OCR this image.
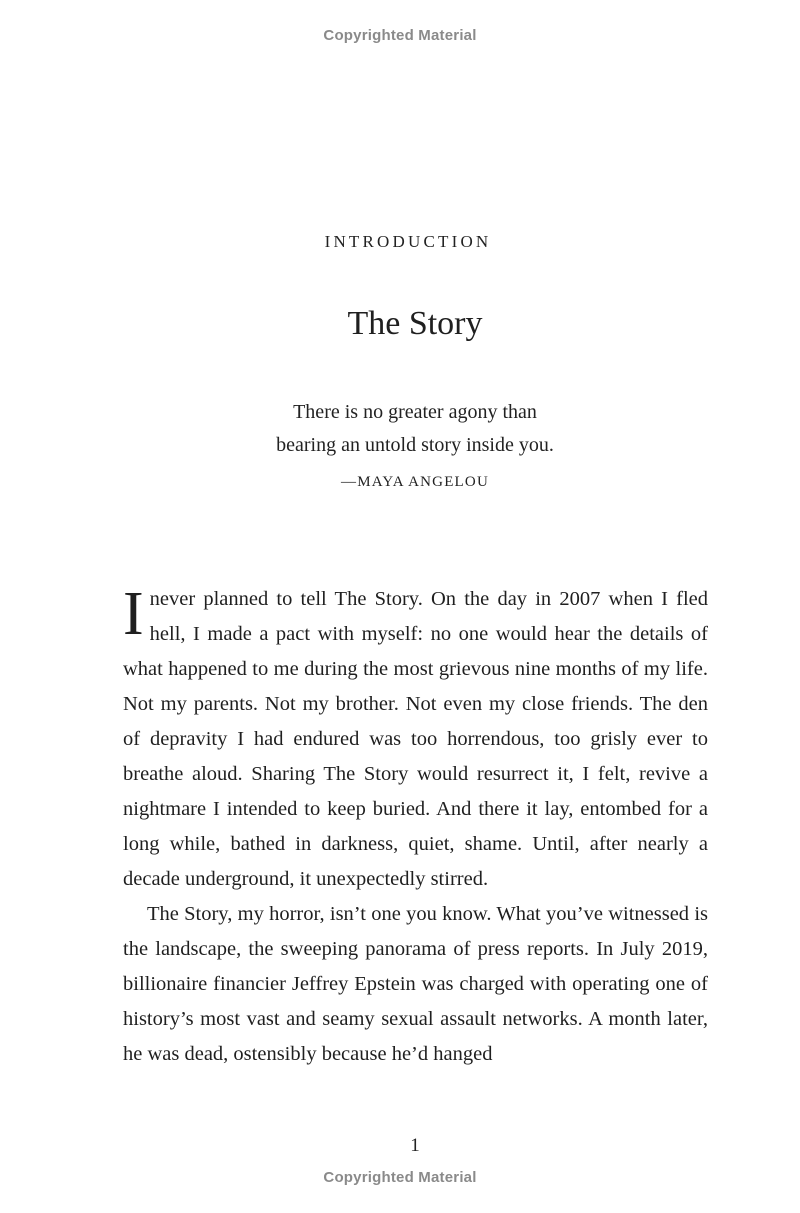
Copyrighted Material
INTRODUCTION
The Story
There is no greater agony than
bearing an untold story inside you.
—MAYA ANGELOU

I never planned to tell The Story. On the day in 2007 when I fled hell, I made a pact with myself: no one would hear the details of what happened to me during the most grievous nine months of my life. Not my parents. Not my brother. Not even my close friends. The den of depravity I had endured was too horrendous, too grisly ever to breathe aloud. Sharing The Story would resurrect it, I felt, revive a nightmare I intended to keep buried. And there it lay, entombed for a long while, bathed in darkness, quiet, shame. Until, after nearly a decade underground, it unexpectedly stirred.

The Story, my horror, isn’t one you know. What you’ve witnessed is the landscape, the sweeping panorama of press reports. In July 2019, billionaire financier Jeffrey Epstein was charged with operating one of history’s most vast and seamy sexual assault networks. A month later, he was dead, ostensibly because he’d hanged

1
Copyrighted Material
